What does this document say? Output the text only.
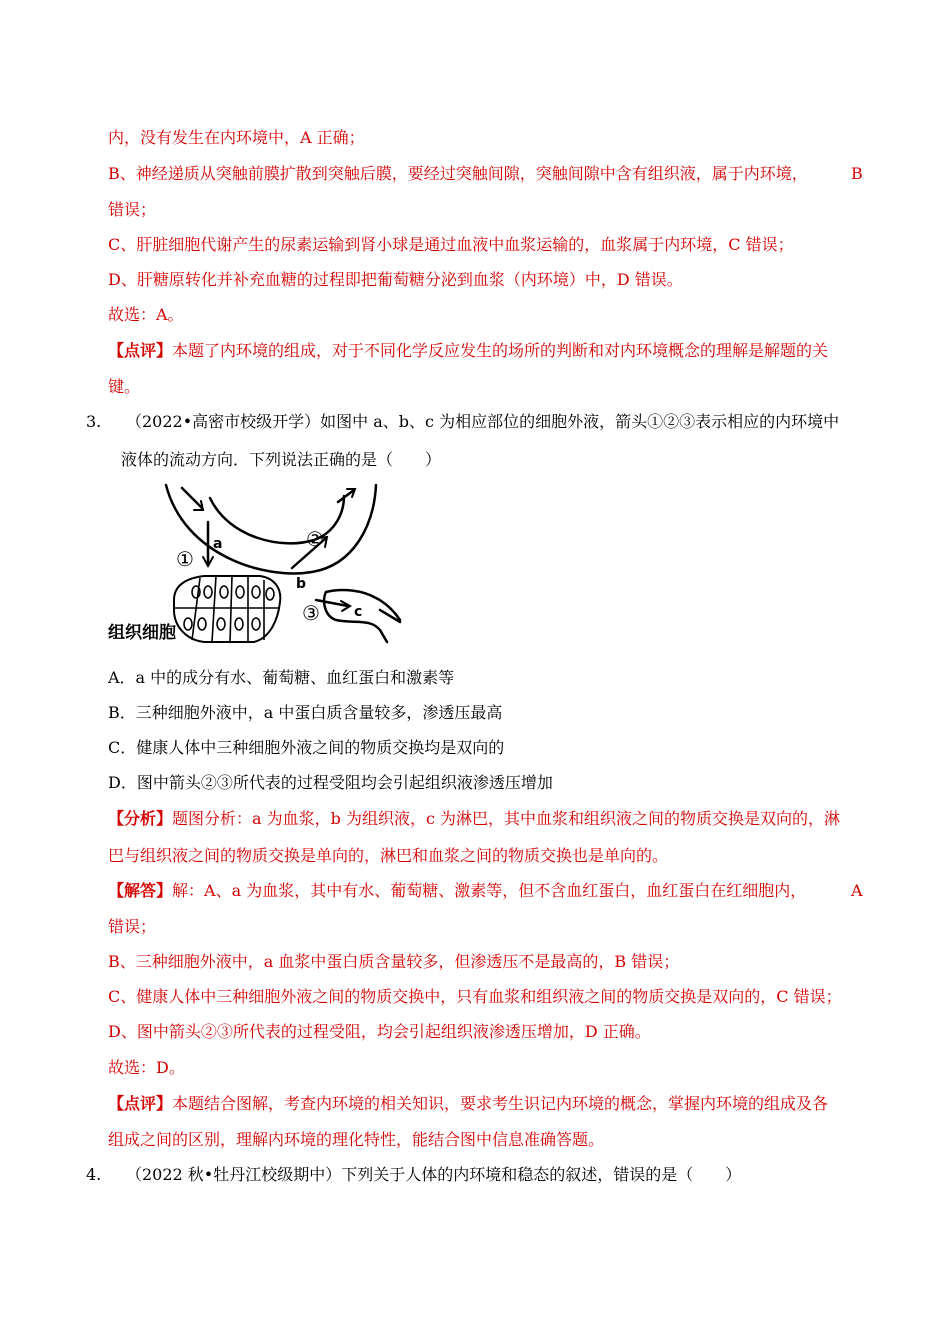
内，没有发生在内环境中，A 正确；
B、神经递质从突触前膜扩散到突触后膜，要经过突触间隙，突触间隙中含有组织液，属于内环境，	B
错误；
C、肝脏细胞代谢产生的尿素运输到肾小球是通过血液中血浆运输的，血浆属于内环境，C 错误；
D、肝糖原转化并补充血糖的过程即把葡萄糖分泌到血浆（内环境）中，D 错误。
故选：A。
【点评】本题了内环境的组成，对于不同化学反应发生的场所的判断和对内环境概念的理解是解题的关
键。
3. （2022•高密市校级开学）如图中 a、b、c 为相应部位的细胞外液，箭头①②③表示相应的内环境中
液体的流动方向．下列说法正确的是（　　）
a
b
c
①
②
③
组织细胞
A．a 中的成分有水、葡萄糖、血红蛋白和激素等
B．三种细胞外液中，a 中蛋白质含量较多，渗透压最高
C．健康人体中三种细胞外液之间的物质交换均是双向的
D．图中箭头②③所代表的过程受阻均会引起组织液渗透压增加
【分析】题图分析：a 为血浆，b 为组织液，c 为淋巴，其中血浆和组织液之间的物质交换是双向的，淋
巴与组织液之间的物质交换是单向的，淋巴和血浆之间的物质交换也是单向的。
【解答】解：A、a 为血浆，其中有水、葡萄糖、激素等，但不含血红蛋白，血红蛋白在红细胞内，	A
错误；
B、三种细胞外液中，a 血浆中蛋白质含量较多，但渗透压不是最高的，B 错误；
C、健康人体中三种细胞外液之间的物质交换中，只有血浆和组织液之间的物质交换是双向的，C 错误；
D、图中箭头②③所代表的过程受阻，均会引起组织液渗透压增加，D 正确。
故选：D。
【点评】本题结合图解，考查内环境的相关知识，要求考生识记内环境的概念，掌握内环境的组成及各
组成之间的区别，理解内环境的理化特性，能结合图中信息准确答题。
4. （2022 秋•牡丹江校级期中）下列关于人体的内环境和稳态的叙述，错误的是（　　）
